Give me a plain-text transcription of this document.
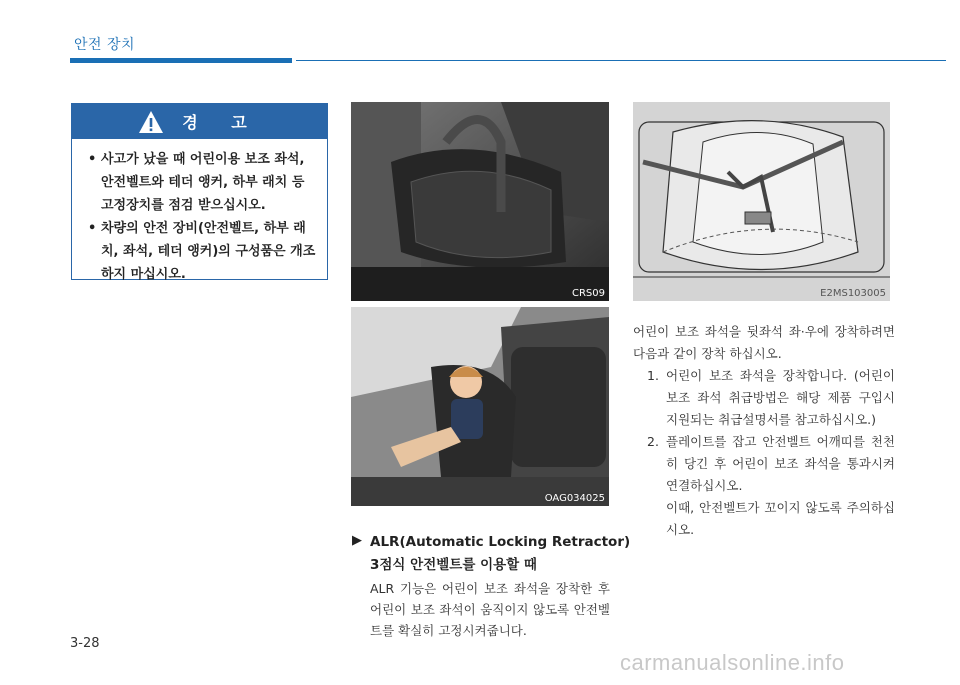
안전 장치
경 고
• 사고가 났을 때 어린이용 보조 좌석, 안전벨트와 테더 앵커, 하부 래치 등 고정장치를 점검 받으십시오.
• 차량의 안전 장비(안전벨트, 하부 래치, 좌석, 테더 앵커)의 구성품은 개조하지 마십시오.
CRS09
OAG034025
E2MS103005
▶ ALR(Automatic Locking Retractor)
3점식 안전벨트를 이용할 때
ALR 기능은 어린이 보조 좌석을 장착한 후 어린이 보조 좌석이 움직이지 않도록 안전벨트를 확실히 고정시켜줍니다.
어린이 보조 좌석을 뒷좌석 좌·우에 장착하려면 다음과 같이 장착 하십시오.
1. 어린이 보조 좌석을 장착합니다. (어린이 보조 좌석 취급방법은 해당 제품 구입시 지원되는 취급설명서를 참고하십시오.)
2. 플레이트를 잡고 안전벨트 어깨띠를 천천히 당긴 후 어린이 보조 좌석을 통과시켜 연결하십시오.
이때, 안전벨트가 꼬이지 않도록 주의하십시오.
3-28
carmanualsonline.info
